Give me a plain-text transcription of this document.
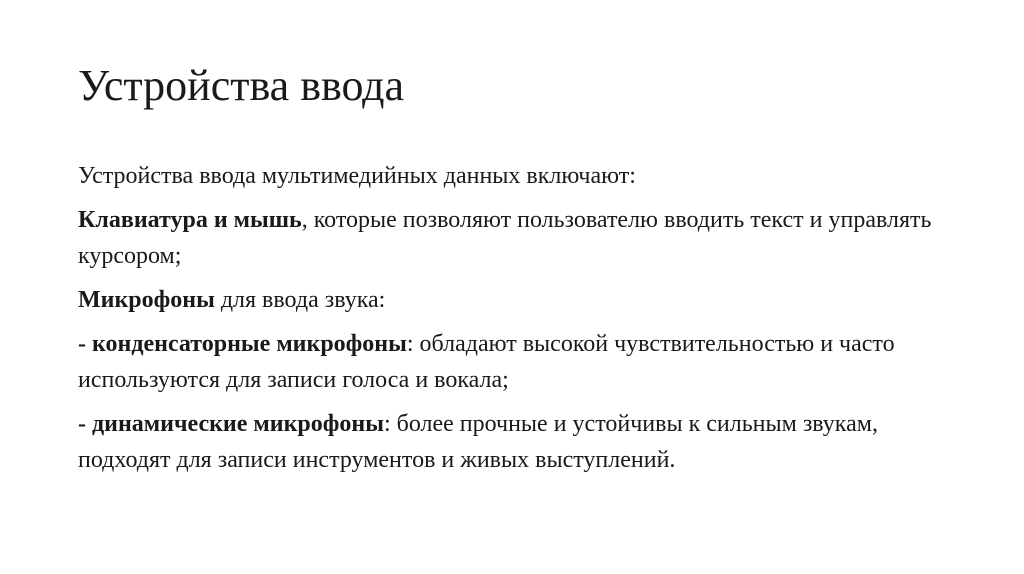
Устройства ввода

Устройства ввода мультимедийных данных включают:

Клавиатура и мышь, которые позволяют пользователю вводить текст и управлять курсором;

Микрофоны для ввода звука:

- конденсаторные микрофоны: обладают высокой чувствительностью и часто используются для записи голоса и вокала;

- динамические микрофоны: более прочные и устойчивы к сильным звукам, подходят для записи инструментов и живых выступлений.
